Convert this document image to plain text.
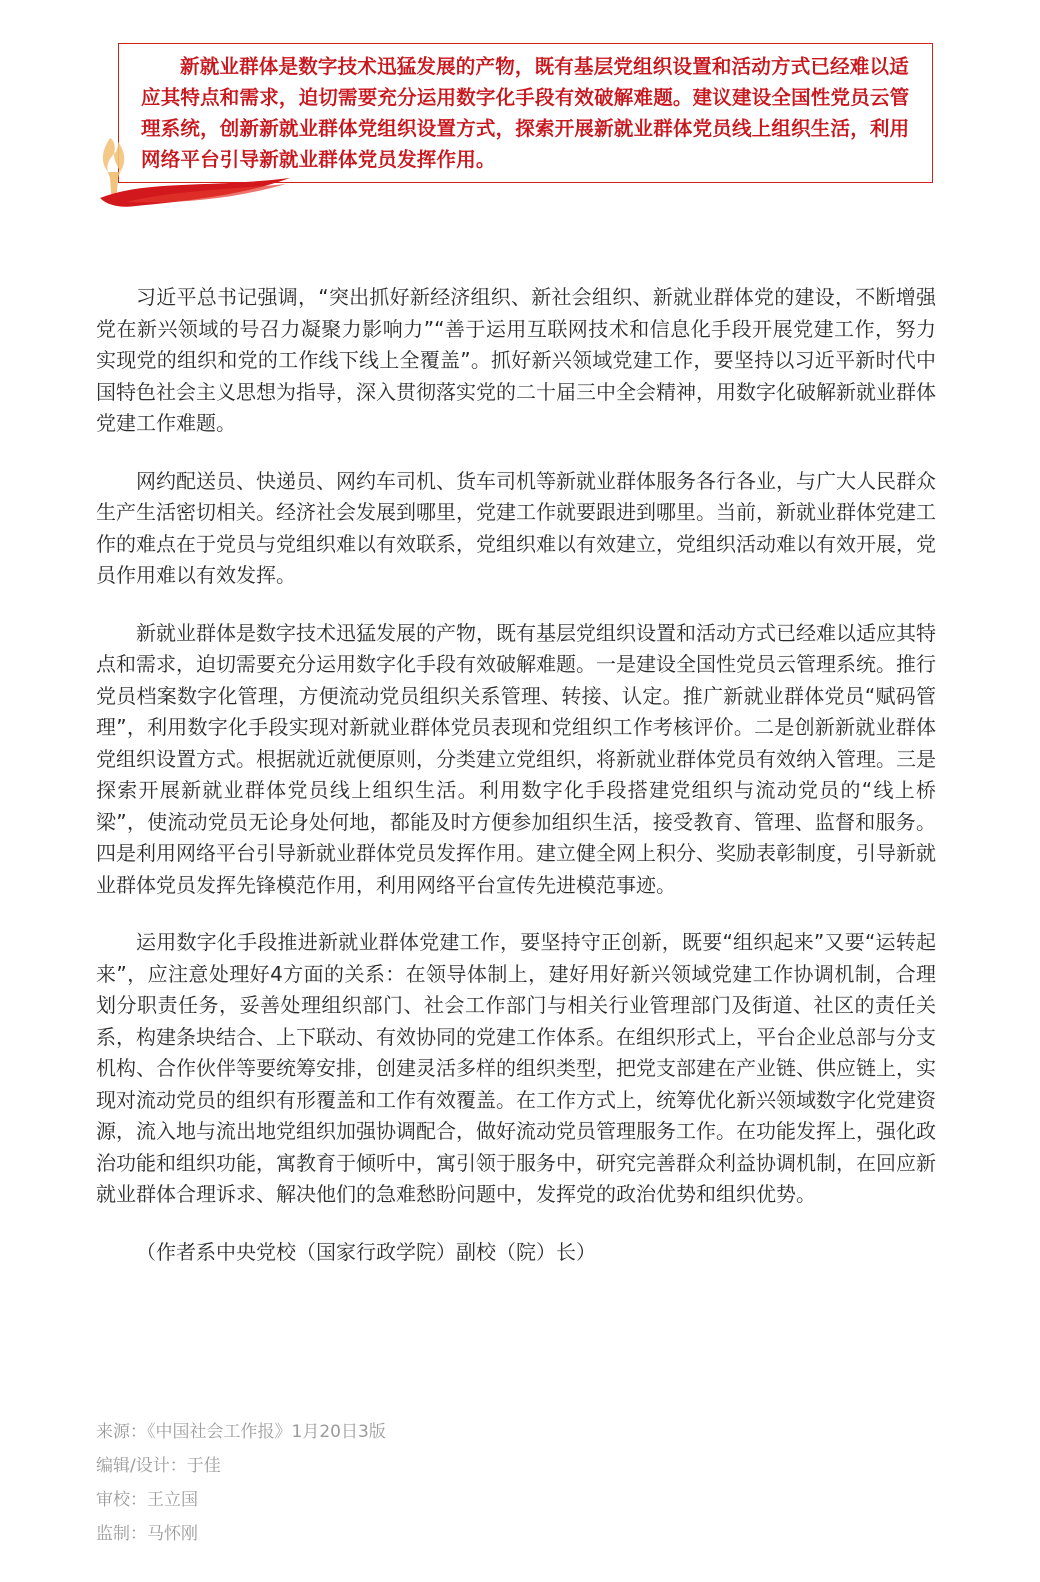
新就业群体是数字技术迅猛发展的产物，既有基层党组织设置和活动方式已经难以适应其特点和需求，迫切需要充分运用数字化手段有效破解难题。建议建设全国性党员云管理系统，创新新就业群体党组织设置方式，探索开展新就业群体党员线上组织生活，利用网络平台引导新就业群体党员发挥作用。

习近平总书记强调，“突出抓好新经济组织、新社会组织、新就业群体党的建设，不断增强党在新兴领域的号召力凝聚力影响力”“善于运用互联网技术和信息化手段开展党建工作，努力实现党的组织和党的工作线下线上全覆盖”。抓好新兴领域党建工作，要坚持以习近平新时代中国特色社会主义思想为指导，深入贯彻落实党的二十届三中全会精神，用数字化破解新就业群体党建工作难题。

网约配送员、快递员、网约车司机、货车司机等新就业群体服务各行各业，与广大人民群众生产生活密切相关。经济社会发展到哪里，党建工作就要跟进到哪里。当前，新就业群体党建工作的难点在于党员与党组织难以有效联系，党组织难以有效建立，党组织活动难以有效开展，党员作用难以有效发挥。

新就业群体是数字技术迅猛发展的产物，既有基层党组织设置和活动方式已经难以适应其特点和需求，迫切需要充分运用数字化手段有效破解难题。一是建设全国性党员云管理系统。推行党员档案数字化管理，方便流动党员组织关系管理、转接、认定。推广新就业群体党员“赋码管理”，利用数字化手段实现对新就业群体党员表现和党组织工作考核评价。二是创新新就业群体党组织设置方式。根据就近就便原则，分类建立党组织，将新就业群体党员有效纳入管理。三是探索开展新就业群体党员线上组织生活。利用数字化手段搭建党组织与流动党员的“线上桥梁”，使流动党员无论身处何地，都能及时方便参加组织生活，接受教育、管理、监督和服务。四是利用网络平台引导新就业群体党员发挥作用。建立健全网上积分、奖励表彰制度，引导新就业群体党员发挥先锋模范作用，利用网络平台宣传先进模范事迹。

运用数字化手段推进新就业群体党建工作，要坚持守正创新，既要“组织起来”又要“运转起来”，应注意处理好4方面的关系：在领导体制上，建好用好新兴领域党建工作协调机制，合理划分职责任务，妥善处理组织部门、社会工作部门与相关行业管理部门及街道、社区的责任关系，构建条块结合、上下联动、有效协同的党建工作体系。在组织形式上，平台企业总部与分支机构、合作伙伴等要统筹安排，创建灵活多样的组织类型，把党支部建在产业链、供应链上，实现对流动党员的组织有形覆盖和工作有效覆盖。在工作方式上，统筹优化新兴领域数字化党建资源，流入地与流出地党组织加强协调配合，做好流动党员管理服务工作。在功能发挥上，强化政治功能和组织功能，寓教育于倾听中，寓引领于服务中，研究完善群众利益协调机制，在回应新就业群体合理诉求、解决他们的急难愁盼问题中，发挥党的政治优势和组织优势。

（作者系中央党校（国家行政学院）副校（院）长）

来源：《中国社会工作报》1月20日3版
编辑/设计：于佳
审校：王立国
监制：马怀刚
